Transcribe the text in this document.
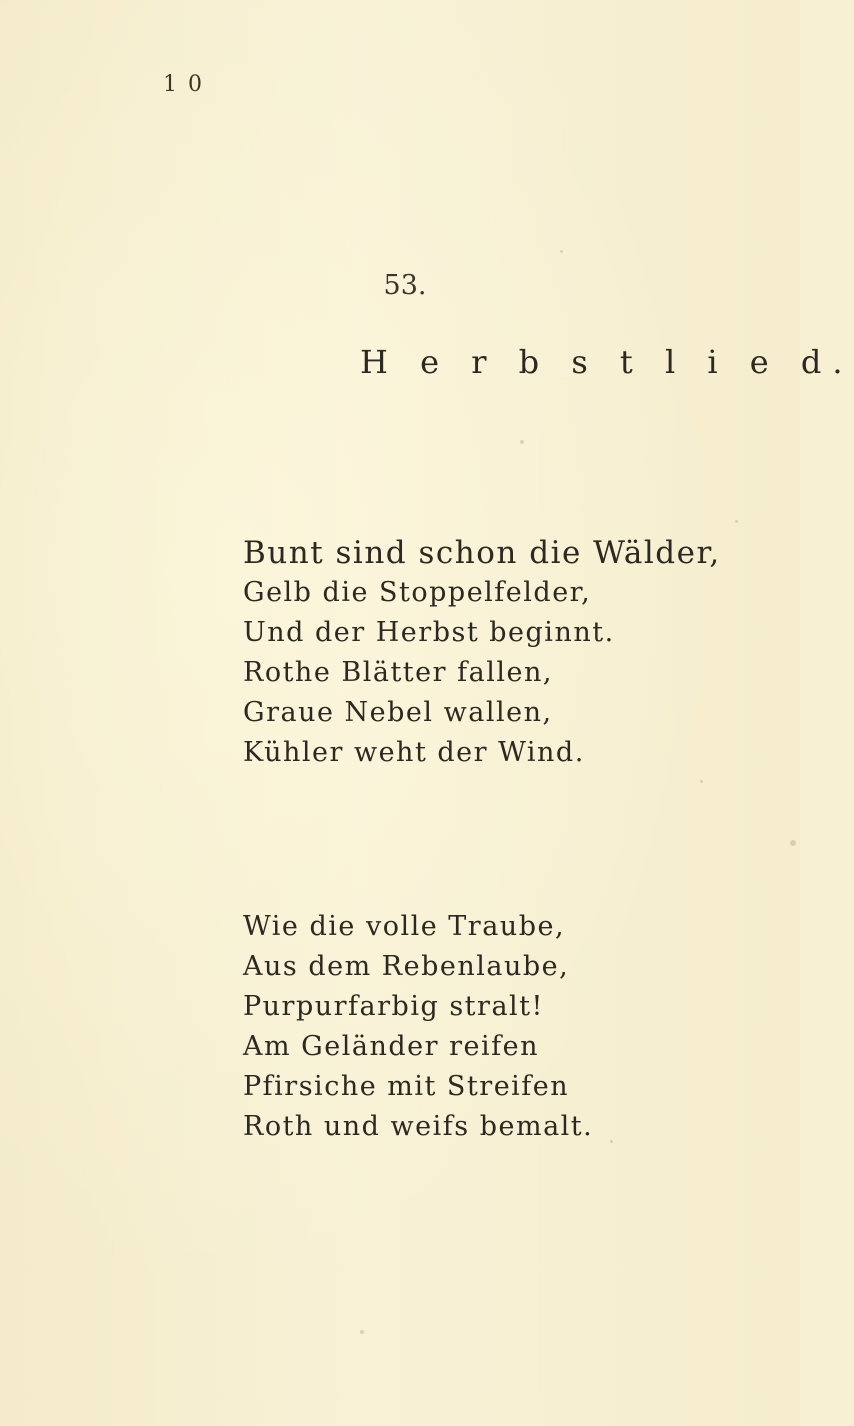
1 0
53.
H e r b s t l i e d.
Bunt sind schon die Wälder,
Gelb die Stoppelfelder,
Und der Herbst beginnt.
Rothe Blätter fallen,
Graue Nebel wallen,
Kühler weht der Wind.
Wie die volle Traube,
Aus dem Rebenlaube,
Purpurfarbig stralt!
Am Geländer reifen
Pfirsiche mit Streifen
Roth und weifs bemalt.
